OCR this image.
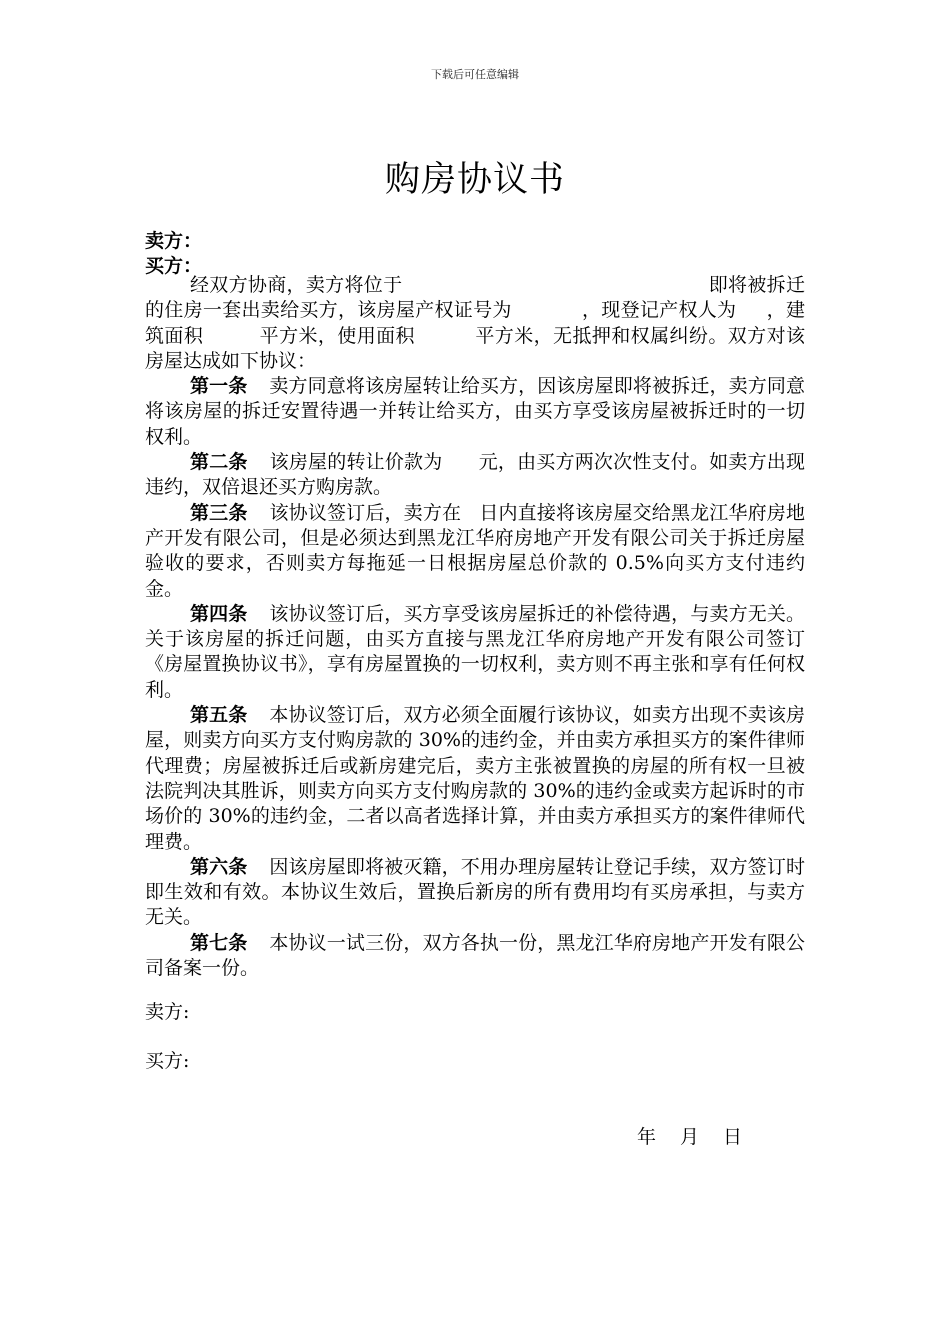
下载后可任意编辑
购房协议书
卖方：
买方：

经双方协商，卖方将位于	即将被拆迁的住房一套出卖给买方，该房屋产权证号为	，现登记产权人为 ，建筑面积	平方米，使用面积	平方米，无抵押和权属纠纷。双方对该房屋达成如下协议：

第一条 卖方同意将该房屋转让给买方，因该房屋即将被拆迁，卖方同意将该房屋的拆迁安置待遇一并转让给买方，由买方享受该房屋被拆迁时的一切权利。

第二条 该房屋的转让价款为 元，由买方两次次性支付。如卖方出现违约，双倍退还买方购房款。

第三条 该协议签订后，卖方在 日内直接将该房屋交给黑龙江华府房地产开发有限公司，但是必须达到黑龙江华府房地产开发有限公司关于拆迁房屋验收的要求，否则卖方每拖延一日根据房屋总价款的 0.5%向买方支付违约金。

第四条 该协议签订后，买方享受该房屋拆迁的补偿待遇，与卖方无关。关于该房屋的拆迁问题，由买方直接与黑龙江华府房地产开发有限公司签订《房屋置换协议书》，享有房屋置换的一切权利，卖方则不再主张和享有任何权利。

第五条 本协议签订后，双方必须全面履行该协议，如卖方出现不卖该房屋，则卖方向买方支付购房款的 30%的违约金，并由卖方承担买方的案件律师代理费；房屋被拆迁后或新房建完后，卖方主张被置换的房屋的所有权一旦被法院判决其胜诉，则卖方向买方支付购房款的 30%的违约金或卖方起诉时的市场价的 30%的违约金，二者以高者选择计算，并由卖方承担买方的案件律师代理费。

第六条 因该房屋即将被灭籍，不用办理房屋转让登记手续，双方签订时即生效和有效。本协议生效后，置换后新房的所有费用均有买房承担，与卖方无关。

第七条 本协议一试三份，双方各执一份，黑龙江华府房地产开发有限公司备案一份。

卖方:
买方:
年 月 日
